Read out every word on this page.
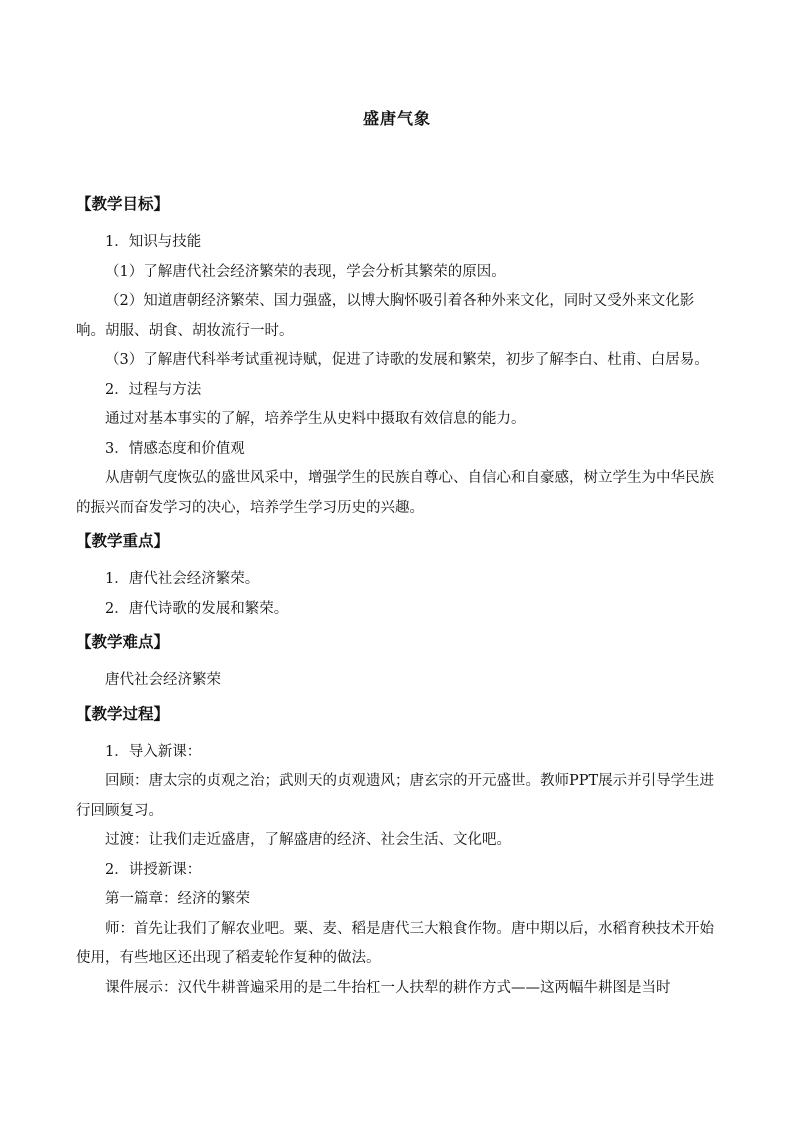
盛唐气象
【教学目标】
1．知识与技能
（1）了解唐代社会经济繁荣的表现，学会分析其繁荣的原因。
（2）知道唐朝经济繁荣、国力强盛，以博大胸怀吸引着各种外来文化，同时又受外来文化影响。胡服、胡食、胡妆流行一时。
（3）了解唐代科举考试重视诗赋，促进了诗歌的发展和繁荣，初步了解李白、杜甫、白居易。
2．过程与方法
通过对基本事实的了解，培养学生从史料中摄取有效信息的能力。
3．情感态度和价值观
从唐朝气度恢弘的盛世风采中，增强学生的民族自尊心、自信心和自豪感，树立学生为中华民族的振兴而奋发学习的决心，培养学生学习历史的兴趣。
【教学重点】
1．唐代社会经济繁荣。
2．唐代诗歌的发展和繁荣。
【教学难点】
唐代社会经济繁荣
【教学过程】
1．导入新课：
回顾：唐太宗的贞观之治；武则天的贞观遗风；唐玄宗的开元盛世。教师PPT展示并引导学生进行回顾复习。
过渡：让我们走近盛唐，了解盛唐的经济、社会生活、文化吧。
2．讲授新课：
第一篇章：经济的繁荣
师：首先让我们了解农业吧。粟、麦、稻是唐代三大粮食作物。唐中期以后，水稻育秧技术开始使用，有些地区还出现了稻麦轮作复种的做法。
课件展示：汉代牛耕普遍采用的是二牛抬杠一人扶犁的耕作方式——这两幅牛耕图是当时
